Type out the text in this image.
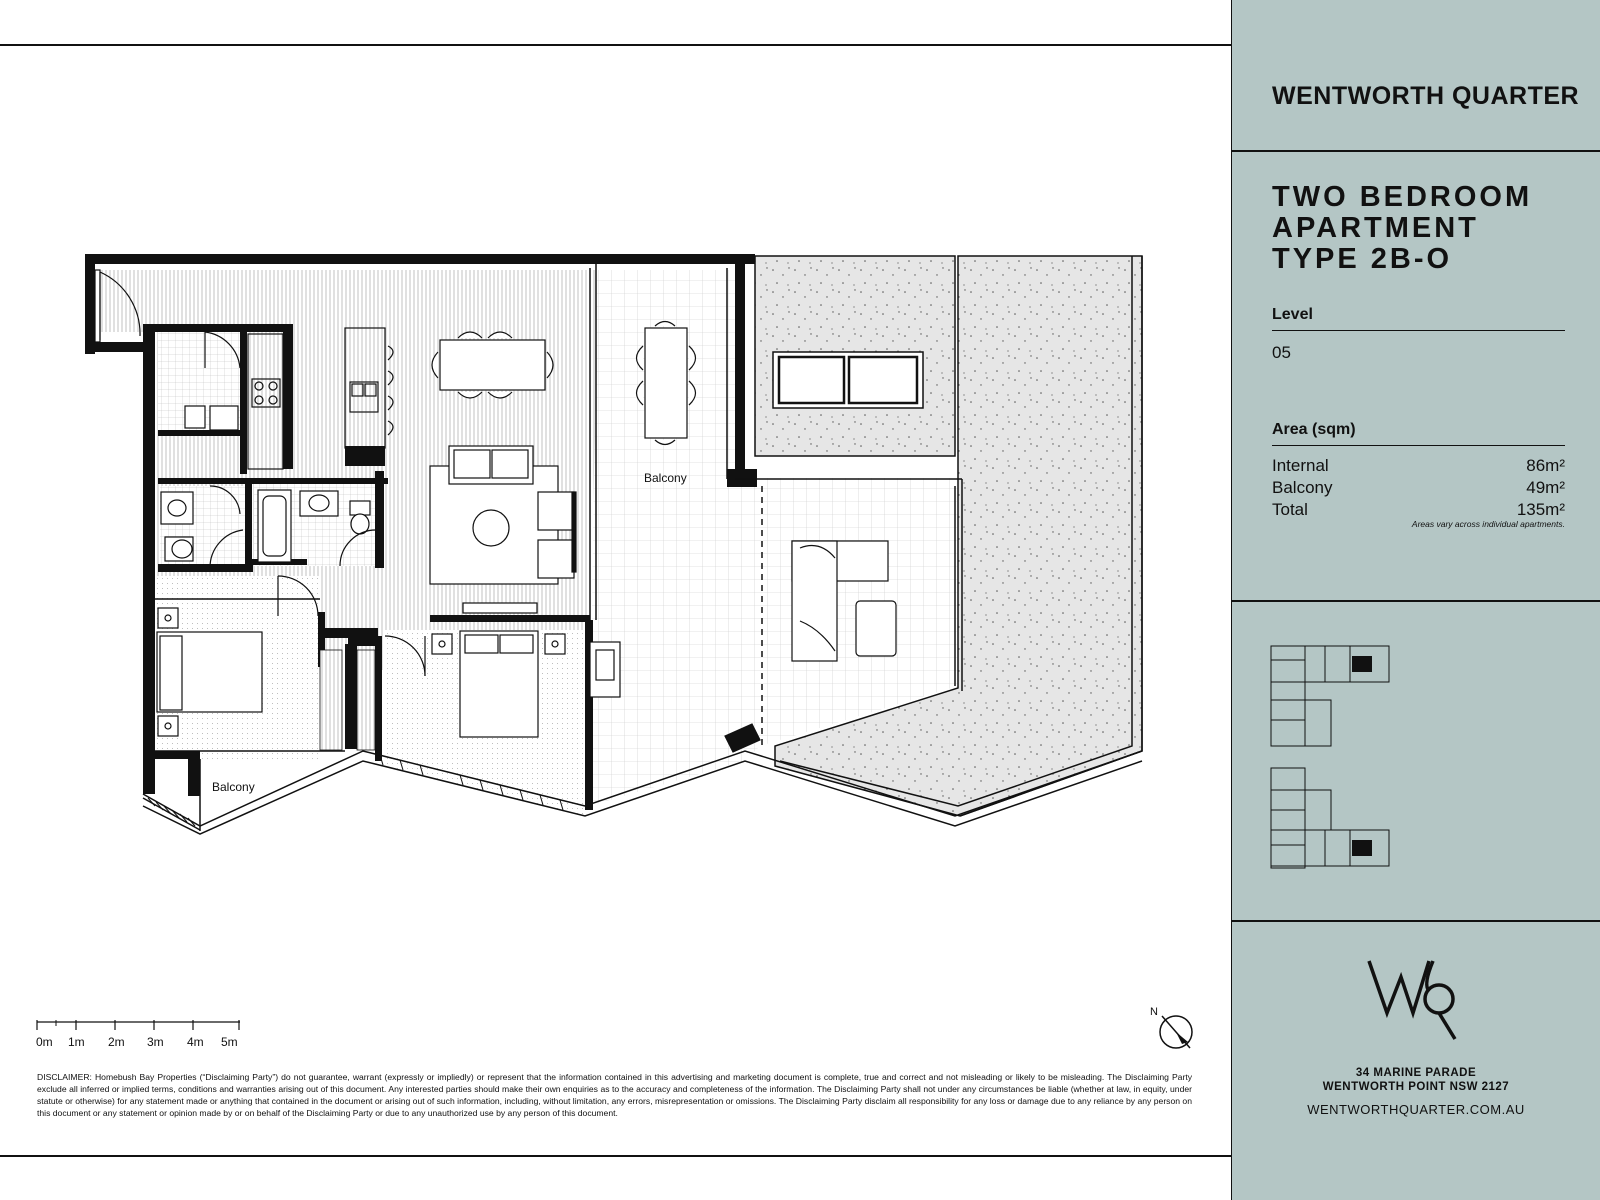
Balcony
Balcony
0m 1m 2m 3m 4m 5m
N
DISCLAIMER: Homebush Bay Properties (“Disclaiming Party”) do not guarantee, warrant (expressly or impliedly) or represent that the information contained in this advertising and marketing document is complete, true and correct and not misleading or likely to be misleading. The Disclaiming Party exclude all inferred or implied terms, conditions and warranties arising out of this document. Any interested parties should make their own enquiries as to the accuracy and completeness of the information. The Disclaiming Party shall not under any circumstances be liable (whether at law, in equity, under statute or otherwise) for any statement made or anything that contained in the document or arising out of such information, including, without limitation, any errors, misrepresentation or omissions. The Disclaiming Party disclaim all responsibility for any loss or damage due to any reliance by any person on this document or any statement or opinion made by or on behalf of the Disclaiming Party or due to any unauthorized use by any person of this document.
WENTWORTH QUARTER
TWO BEDROOM
APARTMENT
TYPE 2B-O
Level
05
Area (sqm)
Internal	86m²
Balcony	49m²
Total	135m²
Areas vary across individual apartments.
34 MARINE PARADE
WENTWORTH POINT NSW 2127
WENTWORTHQUARTER.COM.AU
